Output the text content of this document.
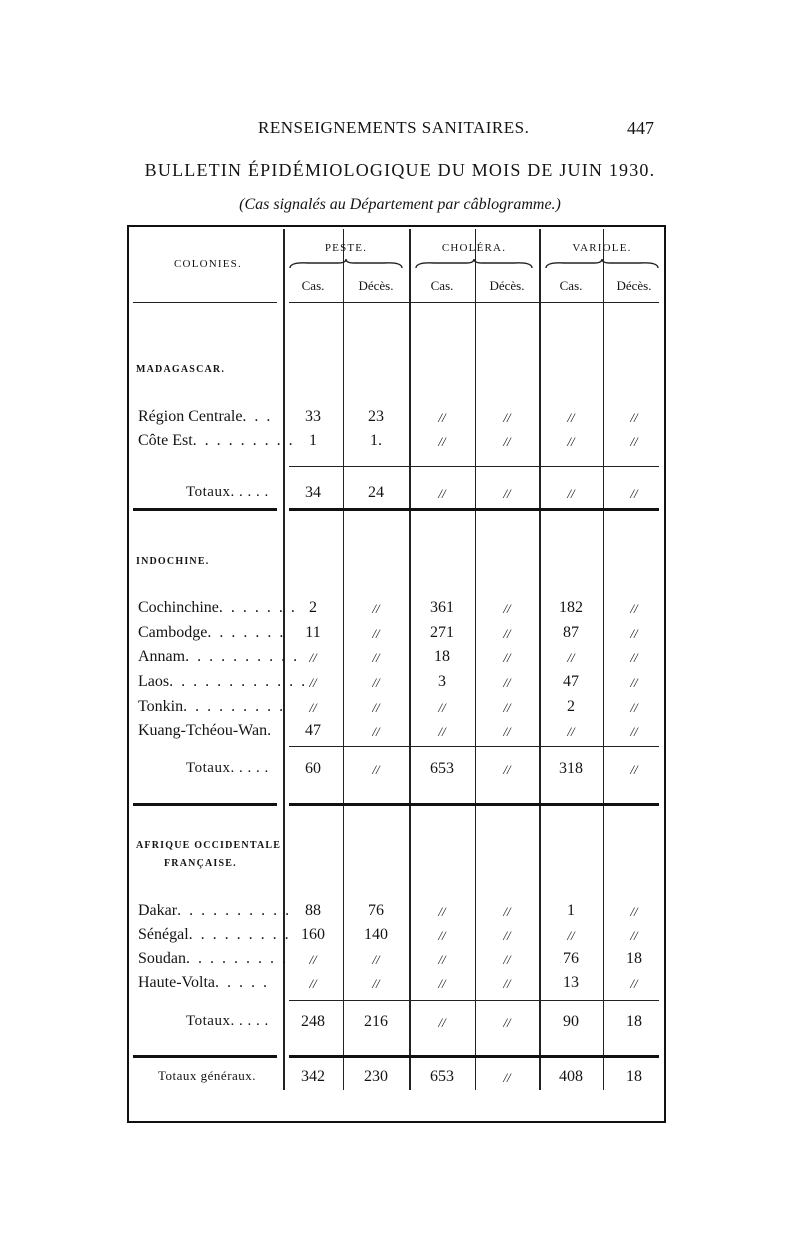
RENSEIGNEMENTS SANITAIRES.	447
BULLETIN ÉPIDÉMIOLOGIQUE DU MOIS DE JUIN 1930.
(Cas signalés au Département par câblogramme.)
COLONIES.
PESTE.	CHOLÉRA.	VARIOLE.
Cas.	Décès.	Cas.	Décès.	Cas.	Décès.
MADAGASCAR.
Région Centrale. . .	33	23	//	//	//	//
Côte Est. . . . . . . . . 1	1.	//	//	//	//
Totaux. . . . .	34	24	//	//	//	//
INDOCHINE.
Cochinchine. . . . . . . 2	//	361	//	182	//
Cambodge. . . . . . .	11	//	271	//	87	//
Annam. . . . . . . . . . //	//	18	//	//	//
Laos. . . . . . . . . . . . //	//	3	//	47	//
Tonkin. . . . . . . . .	//	//	//	//	2	//
Kuang-Tchéou-Wan.	47	//	//	//	//	//
Totaux. . . . .	60	//	653	//	318	//
AFRIQUE OCCIDENTALE
FRANÇAISE.
Dakar. . . . . . . . . . 88	76	//	//	1	//
Sénégal. . . . . . . . . 160	140	//	//	//	//
Soudan. . . . . . . . .	//	//	//	//	76	18
Haute-Volta. . . . .	//	//	//	//	13	//
Totaux. . . . .	248	216	//	//	90	18
Totaux généraux.	342	230	653	//	408	18
